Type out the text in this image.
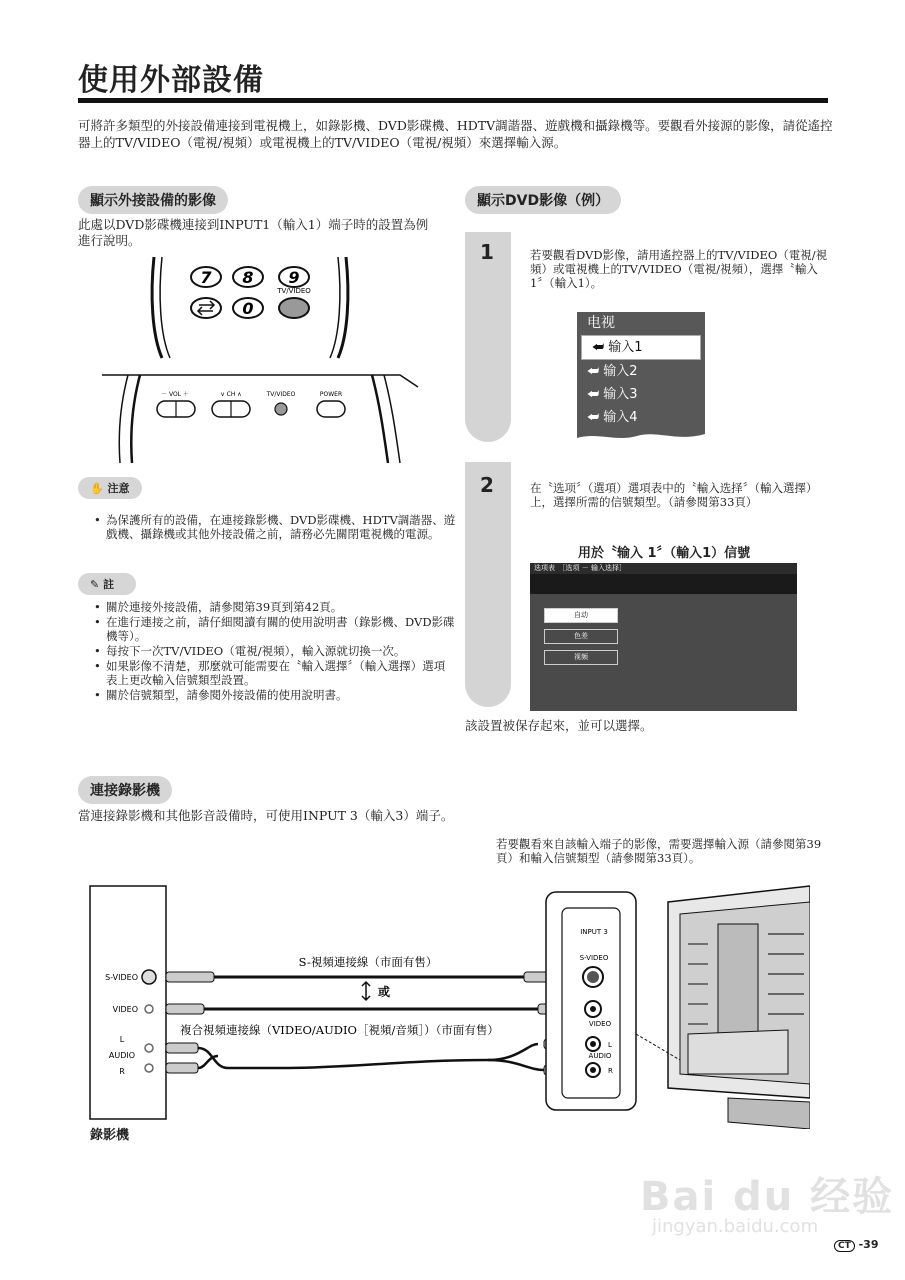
使用外部設備
可將許多類型的外接設備連接到電視機上，如錄影機、DVD影碟機、HDTV調諧器、遊戲機和攝錄機等。要觀看外接源的影像，請從遙控器上的TV/VIDEO（電視/視頻）或電視機上的TV/VIDEO（電視/視頻）來選擇輸入源。
顯示外接設備的影像
此處以DVD影碟機連接到INPUT1（輸入1）端子時的設置為例進行說明。
7 8 9
0
TV/VIDEO
－ VOL ＋	∨ CH ∧	TV/VIDEO	POWER
✋ 注意
• 為保護所有的設備，在連接錄影機、DVD影碟機、HDTV調諧器、遊戲機、攝錄機或其他外接設備之前，請務必先關閉電視機的電源。
✎ 註
• 關於連接外接設備，請參閱第39頁到第42頁。
• 在進行連接之前，請仔細閱讀有關的使用說明書（錄影機、DVD影碟機等）。
• 每按下一次TV/VIDEO（電視/視頻），輸入源就切換一次。
• 如果影像不清楚，那麼就可能需要在〝輸入選擇〞（輸入選擇）選項表上更改輸入信號類型設置。
• 關於信號類型，請參閱外接設備的使用說明書。
顯示DVD影像（例）
1	若要觀看DVD影像，請用遙控器上的TV/VIDEO（電視/視頻）或電視機上的TV/VIDEO（電視/視頻），選擇〝輸入 1〞（輸入1）。
电视
⮨ 输入1
⮨ 输入2
⮨ 输入3
⮨ 输入4
2	在〝选项〞（選項）選項表中的〝輸入选择〞（輸入選擇）上，選擇所需的信號類型。（請參閱第33頁）
用於〝输入 1〞（輸入1）信號
选项表　［选项 － 输入选择］
自动
色差
视频
該設置被保存起來，並可以選擇。
連接錄影機
當連接錄影機和其他影音設備時，可使用INPUT 3（輸入3）端子。
若要觀看來自該輸入端子的影像，需要選擇輸入源（請參閱第39頁）和輸入信號類型（請參閱第33頁）。
S-VIDEO
VIDEO
L
AUDIO
R
S-視頻連接線（市面有售）
或
複合視頻連接線（VIDEO/AUDIO［視頻/音頻］）（市面有售）
INPUT 3
S-VIDEO
VIDEO
L
AUDIO
R
錄影機
Bai du 经验
jingyan.baidu.com
CT -39
